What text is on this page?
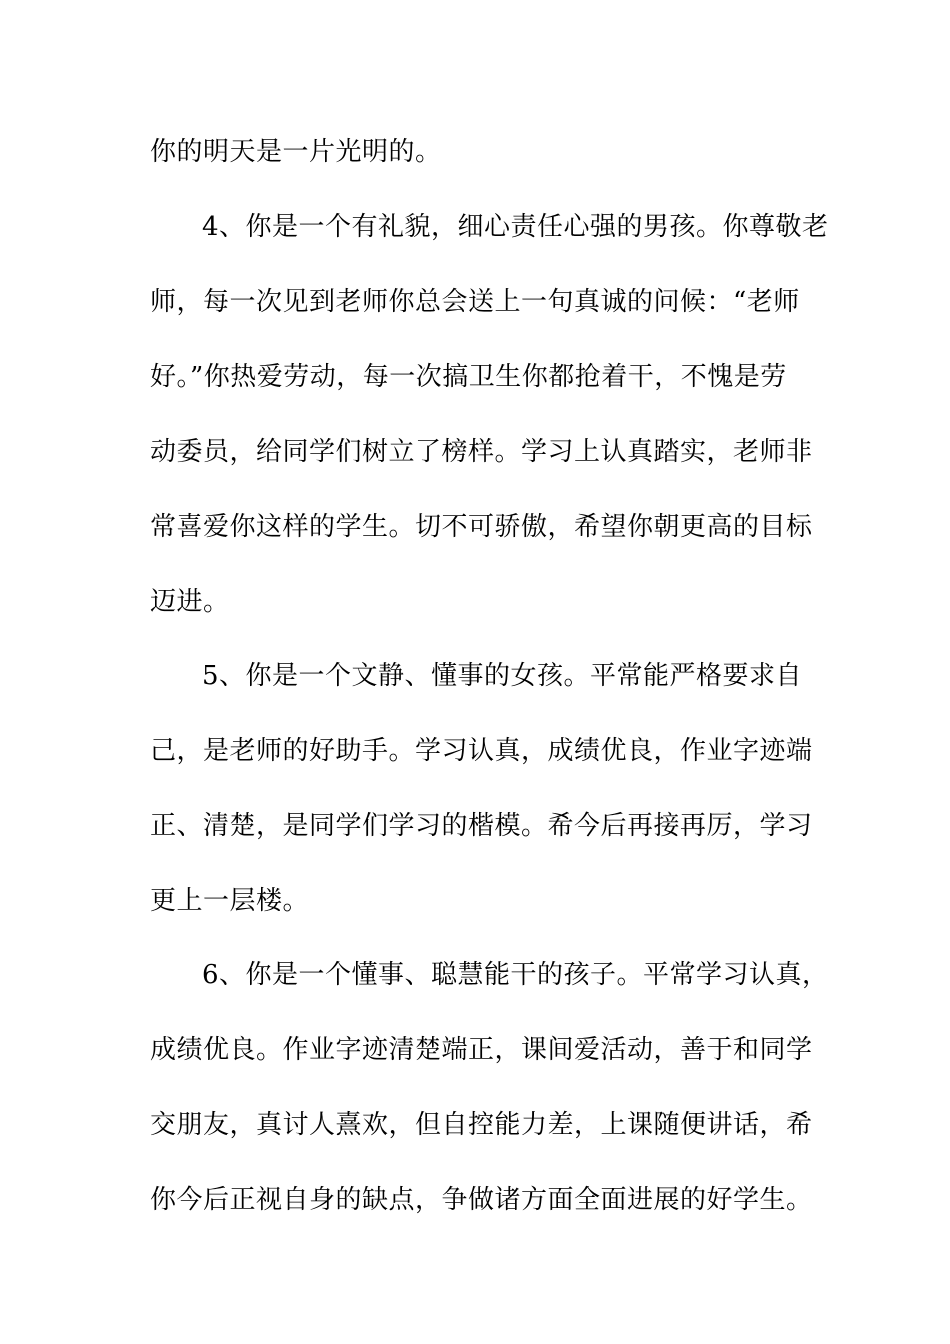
你的明天是一片光明的。
4、你是一个有礼貌，细心责任心强的男孩。你尊敬老
师，每一次见到老师你总会送上一句真诚的问候：“老师
好。”你热爱劳动，每一次搞卫生你都抢着干，不愧是劳
动委员，给同学们树立了榜样。学习上认真踏实，老师非
常喜爱你这样的学生。切不可骄傲，希望你朝更高的目标
迈进。
5、你是一个文静、懂事的女孩。平常能严格要求自
己，是老师的好助手。学习认真，成绩优良，作业字迹端
正、清楚，是同学们学习的楷模。希今后再接再厉，学习
更上一层楼。
6、你是一个懂事、聪慧能干的孩子。平常学习认真，
成绩优良。作业字迹清楚端正，课间爱活动，善于和同学
交朋友，真讨人熹欢，但自控能力差，上课随便讲话，希
你今后正视自身的缺点，争做诸方面全面进展的好学生。
